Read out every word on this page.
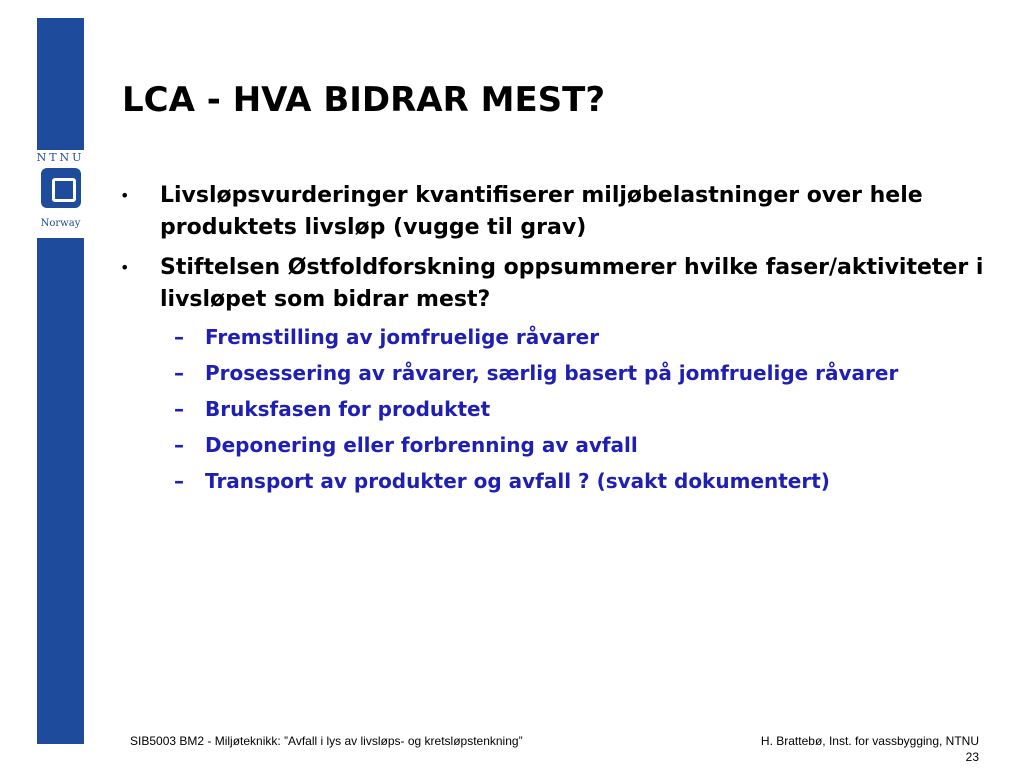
NTNU
Norway
LCA - HVA BIDRAR MEST?
• Livsløpsvurderinger kvantifiserer miljøbelastninger over hele produktets livsløp (vugge til grav)
• Stiftelsen Østfoldforskning oppsummerer hvilke faser/aktiviteter i livsløpet som bidrar mest?
– Fremstilling av jomfruelige råvarer
– Prosessering av råvarer, særlig basert på jomfruelige råvarer
– Bruksfasen for produktet
– Deponering eller forbrenning av avfall
– Transport av produkter og avfall ? (svakt dokumentert)
SIB5003 BM2 - Miljøteknikk: ”Avfall i lys av livsløps- og kretsløpstenkning”	H. Brattebø, Inst. for vassbygging, NTNU
23
